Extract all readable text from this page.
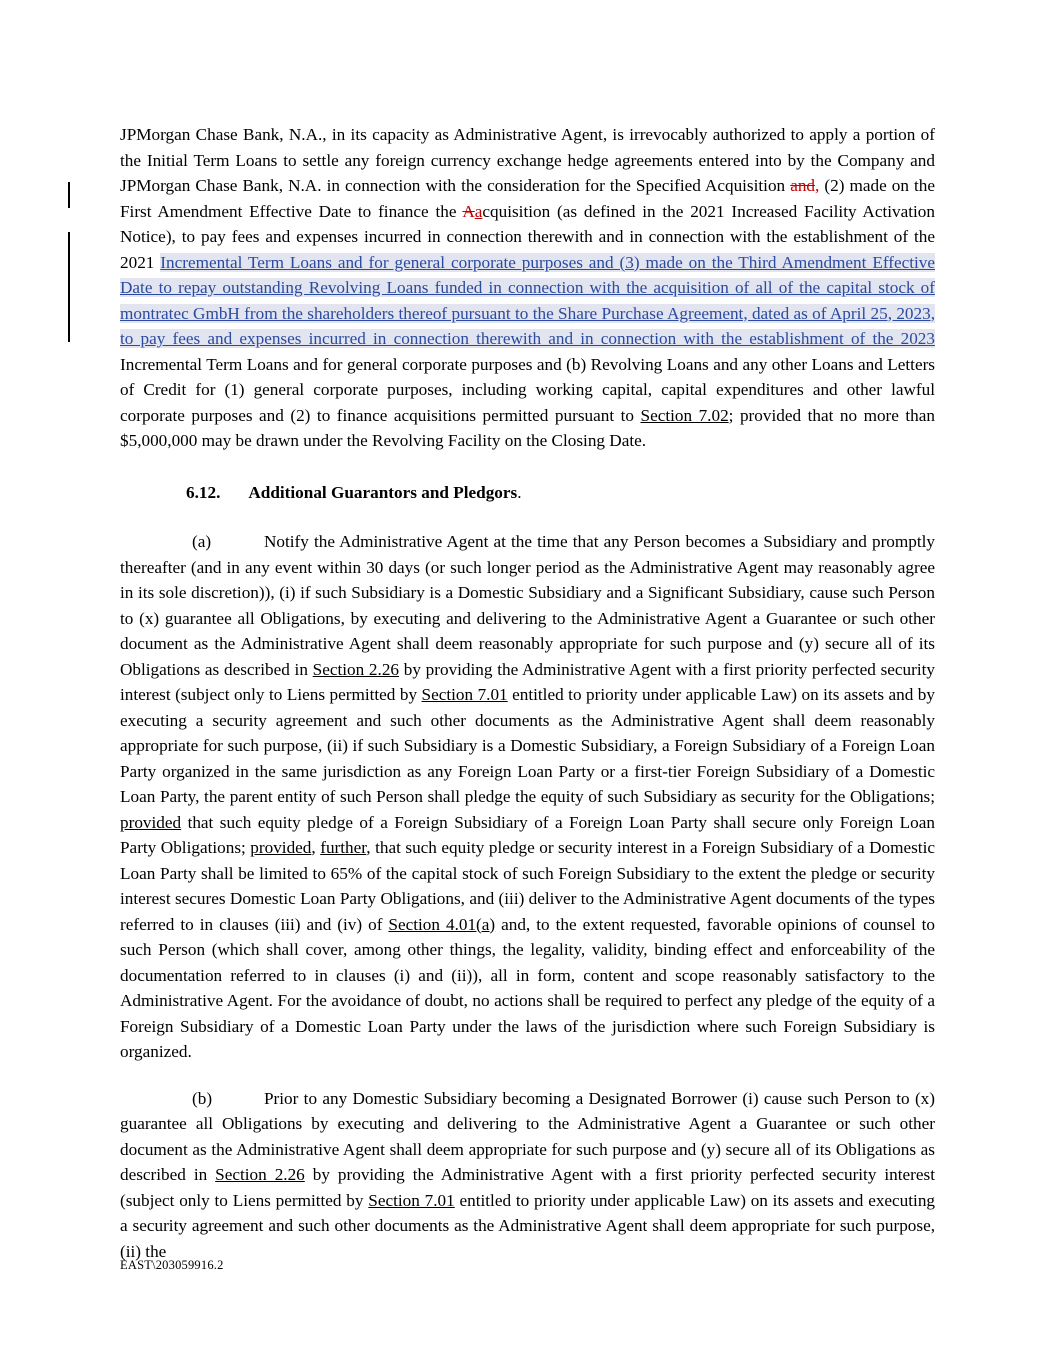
JPMorgan Chase Bank, N.A., in its capacity as Administrative Agent, is irrevocably authorized to apply a portion of the Initial Term Loans to settle any foreign currency exchange hedge agreements entered into by the Company and JPMorgan Chase Bank, N.A. in connection with the consideration for the Specified Acquisition and, (2) made on the First Amendment Effective Date to finance the Aacquisition (as defined in the 2021 Increased Facility Activation Notice), to pay fees and expenses incurred in connection therewith and in connection with the establishment of the 2021 Incremental Term Loans and for general corporate purposes and (3) made on the Third Amendment Effective Date to repay outstanding Revolving Loans funded in connection with the acquisition of all of the capital stock of montratec GmbH from the shareholders thereof pursuant to the Share Purchase Agreement, dated as of April 25, 2023, to pay fees and expenses incurred in connection therewith and in connection with the establishment of the 2023 Incremental Term Loans and for general corporate purposes and (b) Revolving Loans and any other Loans and Letters of Credit for (1) general corporate purposes, including working capital, capital expenditures and other lawful corporate purposes and (2) to finance acquisitions permitted pursuant to Section 7.02; provided that no more than $5,000,000 may be drawn under the Revolving Facility on the Closing Date.

6.12. Additional Guarantors and Pledgors.

(a)	Notify the Administrative Agent at the time that any Person becomes a Subsidiary and promptly thereafter (and in any event within 30 days (or such longer period as the Administrative Agent may reasonably agree in its sole discretion)), (i) if such Subsidiary is a Domestic Subsidiary and a Significant Subsidiary, cause such Person to (x) guarantee all Obligations, by executing and delivering to the Administrative Agent a Guarantee or such other document as the Administrative Agent shall deem reasonably appropriate for such purpose and (y) secure all of its Obligations as described in Section 2.26 by providing the Administrative Agent with a first priority perfected security interest (subject only to Liens permitted by Section 7.01 entitled to priority under applicable Law) on its assets and by executing a security agreement and such other documents as the Administrative Agent shall deem reasonably appropriate for such purpose, (ii) if such Subsidiary is a Domestic Subsidiary, a Foreign Subsidiary of a Foreign Loan Party organized in the same jurisdiction as any Foreign Loan Party or a first-tier Foreign Subsidiary of a Domestic Loan Party, the parent entity of such Person shall pledge the equity of such Subsidiary as security for the Obligations; provided that such equity pledge of a Foreign Subsidiary of a Foreign Loan Party shall secure only Foreign Loan Party Obligations; provided, further, that such equity pledge or security interest in a Foreign Subsidiary of a Domestic Loan Party shall be limited to 65% of the capital stock of such Foreign Subsidiary to the extent the pledge or security interest secures Domestic Loan Party Obligations, and (iii) deliver to the Administrative Agent documents of the types referred to in clauses (iii) and (iv) of Section 4.01(a) and, to the extent requested, favorable opinions of counsel to such Person (which shall cover, among other things, the legality, validity, binding effect and enforceability of the documentation referred to in clauses (i) and (ii)), all in form, content and scope reasonably satisfactory to the Administrative Agent. For the avoidance of doubt, no actions shall be required to perfect any pledge of the equity of a Foreign Subsidiary of a Domestic Loan Party under the laws of the jurisdiction where such Foreign Subsidiary is organized.

(b)	Prior to any Domestic Subsidiary becoming a Designated Borrower (i) cause such Person to (x) guarantee all Obligations by executing and delivering to the Administrative Agent a Guarantee or such other document as the Administrative Agent shall deem appropriate for such purpose and (y) secure all of its Obligations as described in Section 2.26 by providing the Administrative Agent with a first priority perfected security interest (subject only to Liens permitted by Section 7.01 entitled to priority under applicable Law) on its assets and executing a security agreement and such other documents as the Administrative Agent shall deem appropriate for such purpose, (ii) the

EAST\203059916.2
